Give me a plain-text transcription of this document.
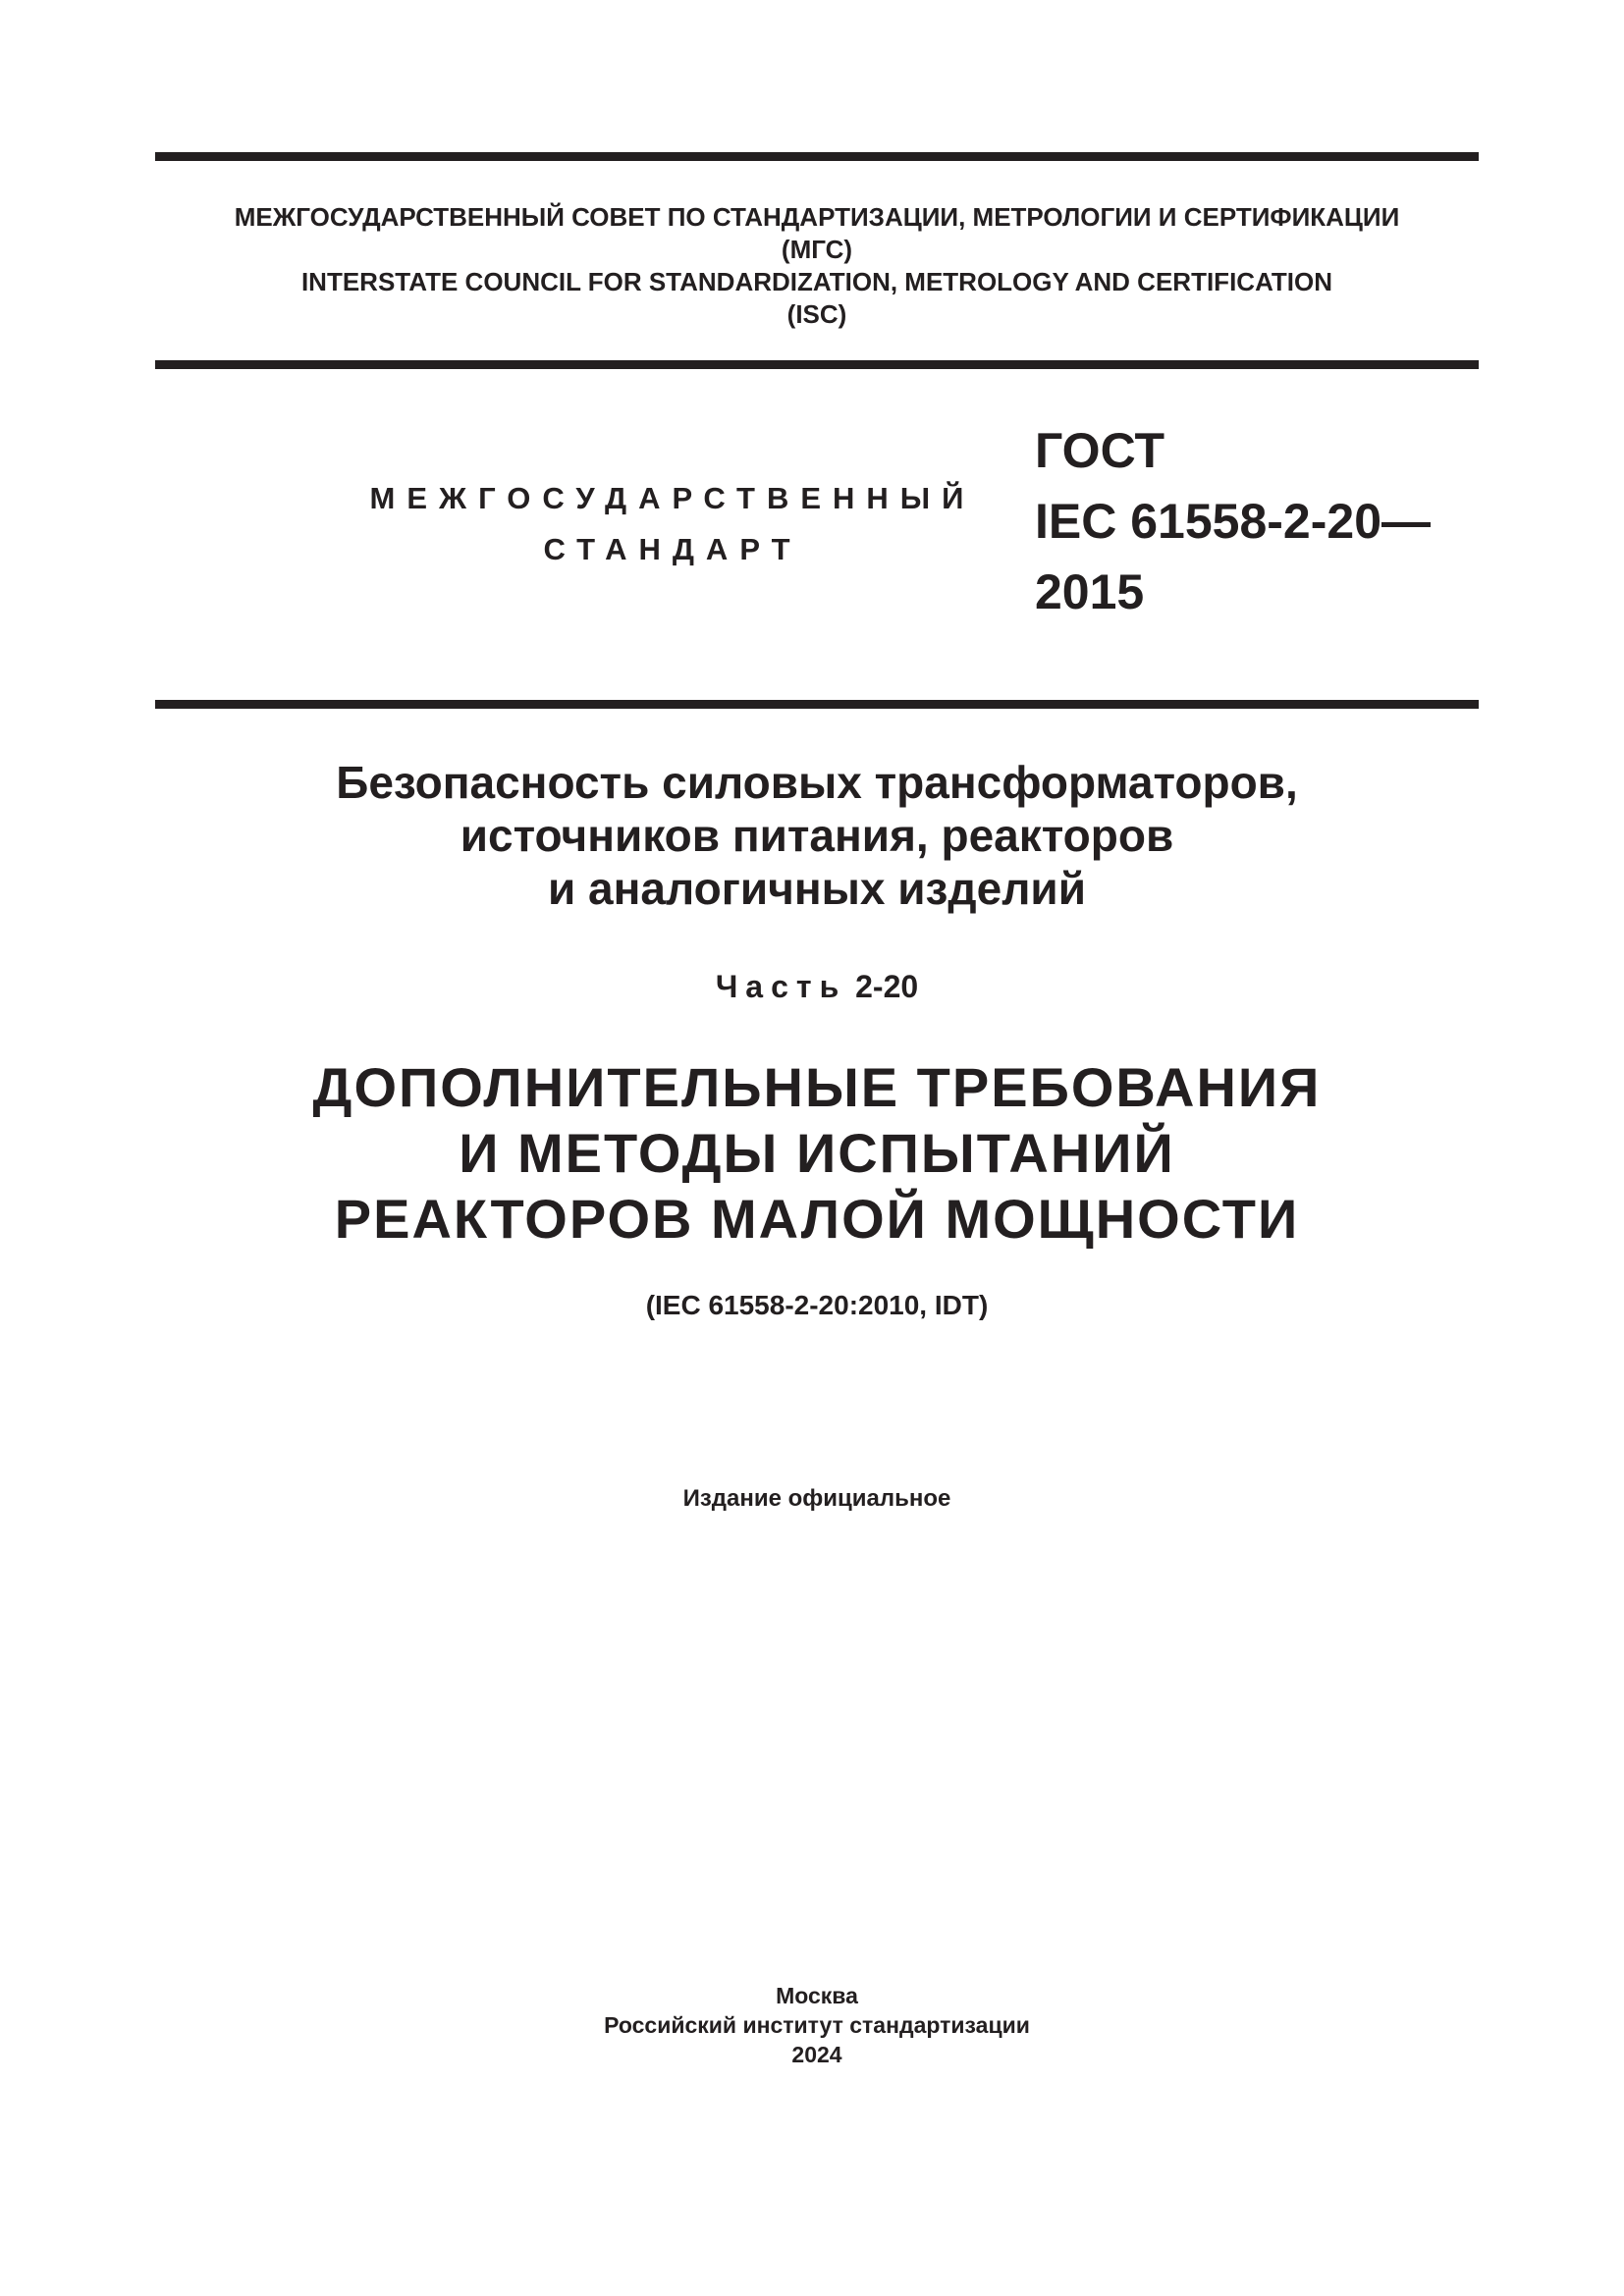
МЕЖГОСУДАРСТВЕННЫЙ СОВЕТ ПО СТАНДАРТИЗАЦИИ, МЕТРОЛОГИИ И СЕРТИФИКАЦИИ
(МГС)
INTERSTATE COUNCIL FOR STANDARDIZATION, METROLOGY AND CERTIFICATION
(ISC)
МЕЖГОСУДАРСТВЕННЫЙ
СТАНДАРТ
ГОСТ
IEC 61558-2-20—
2015
Безопасность силовых трансформаторов,
источников питания, реакторов
и аналогичных изделий
Часть 2-20
ДОПОЛНИТЕЛЬНЫЕ ТРЕБОВАНИЯ
И МЕТОДЫ ИСПЫТАНИЙ
РЕАКТОРОВ МАЛОЙ МОЩНОСТИ
(IEC 61558-2-20:2010, IDT)
Издание официальное
Москва
Российский институт стандартизации
2024
